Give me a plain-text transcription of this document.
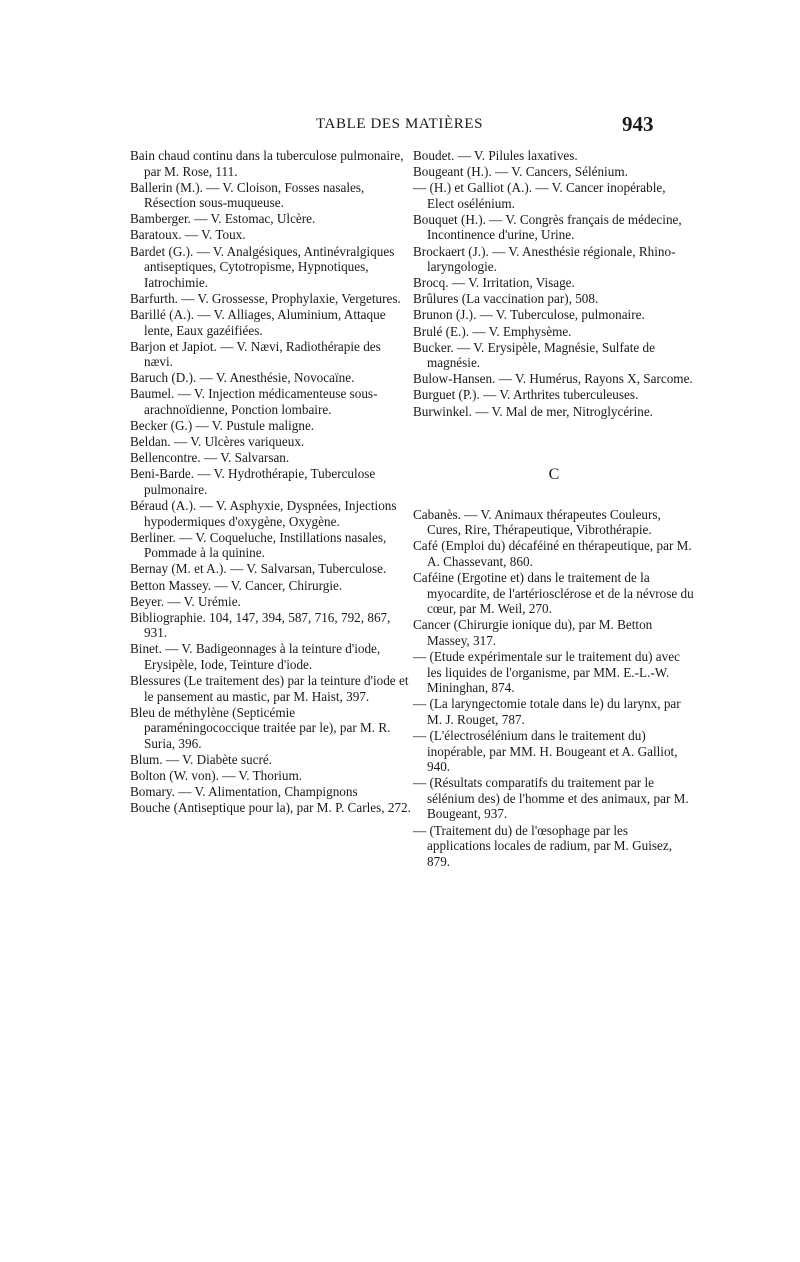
TABLE DES MATIÈRES	943

Bain chaud continu dans la tuberculose pulmonaire, par M. Rose, 111.

Ballerin (M.). — V. Cloison, Fosses nasales, Résection sous-muqueuse.

Bamberger. — V. Estomac, Ulcère.

Baratoux. — V. Toux.

Bardet (G.). — V. Analgésiques, Antinévralgiques antiseptiques, Cytotropisme, Hypnotiques, Iatrochimie.

Barfurth. — V. Grossesse, Prophylaxie, Vergetures.

Barillé (A.). — V. Alliages, Aluminium, Attaque lente, Eaux gazéifiées.

Barjon et Japiot. — V. Nævi, Radiothérapie des nævi.

Baruch (D.). — V. Anesthésie, Novocaïne.

Baumel. — V. Injection médicamenteuse sous-arachnoïdienne, Ponction lombaire.

Becker (G.) — V. Pustule maligne.

Beldan. — V. Ulcères variqueux.

Bellencontre. — V. Salvarsan.

Beni-Barde. — V. Hydrothérapie, Tuberculose pulmonaire.

Béraud (A.). — V. Asphyxie, Dyspnées, Injections hypodermiques d'oxygène, Oxygène.

Berliner. — V. Coqueluche, Instillations nasales, Pommade à la quinine.

Bernay (M. et A.). — V. Salvarsan, Tuberculose.

Betton Massey. — V. Cancer, Chirurgie.

Beyer. — V. Urémie.

Bibliographie. 104, 147, 394, 587, 716, 792, 867, 931.

Binet. — V. Badigeonnages à la teinture d'iode, Erysipèle, Iode, Teinture d'iode.

Blessures (Le traitement des) par la teinture d'iode et le pansement au mastic, par M. Haist, 397.

Bleu de méthylène (Septicémie paraméningococcique traitée par le), par M. R. Suria, 396.

Blum. — V. Diabète sucré.

Bolton (W. von). — V. Thorium.

Bomary. — V. Alimentation, Champignons

Bouche (Antiseptique pour la), par M. P. Carles, 272.

Boudet. — V. Pilules laxatives.

Bougeant (H.). — V. Cancers, Sélénium.

— (H.) et Galliot (A.). — V. Cancer inopérable, Elect osélénium.

Bouquet (H.). — V. Congrès français de médecine, Incontinence d'urine, Urine.

Brockaert (J.). — V. Anesthésie régionale, Rhino-laryngologie.

Brocq. — V. Irritation, Visage.

Brûlures (La vaccination par), 508.

Brunon (J.). — V. Tuberculose, pulmonaire.

Brulé (E.). — V. Emphysème.

Bucker. — V. Erysipèle, Magnésie, Sulfate de magnésie.

Bulow-Hansen. — V. Humérus, Rayons X, Sarcome.

Burguet (P.). — V. Arthrites tuberculeuses.

Burwinkel. — V. Mal de mer, Nitroglycérine.

C

Cabanès. — V. Animaux thérapeutes Couleurs, Cures, Rire, Thérapeutique, Vibrothérapie.

Café (Emploi du) décaféiné en thérapeutique, par M. A. Chassevant, 860.

Caféine (Ergotine et) dans le traitement de la myocardite, de l'artériosclérose et de la névrose du cœur, par M. Weil, 270.

Cancer (Chirurgie ionique du), par M. Betton Massey, 317.

— (Etude expérimentale sur le traitement du) avec les liquides de l'organisme, par MM. E.-L.-W. Mininghan, 874.

— (La laryngectomie totale dans le) du larynx, par M. J. Rouget, 787.

— (L'électrosélénium dans le traitement du) inopérable, par MM. H. Bougeant et A. Galliot, 940.

— (Résultats comparatifs du traitement par le sélénium des) de l'homme et des animaux, par M. Bougeant, 937.

— (Traitement du) de l'œsophage par les applications locales de radium, par M. Guisez, 879.
